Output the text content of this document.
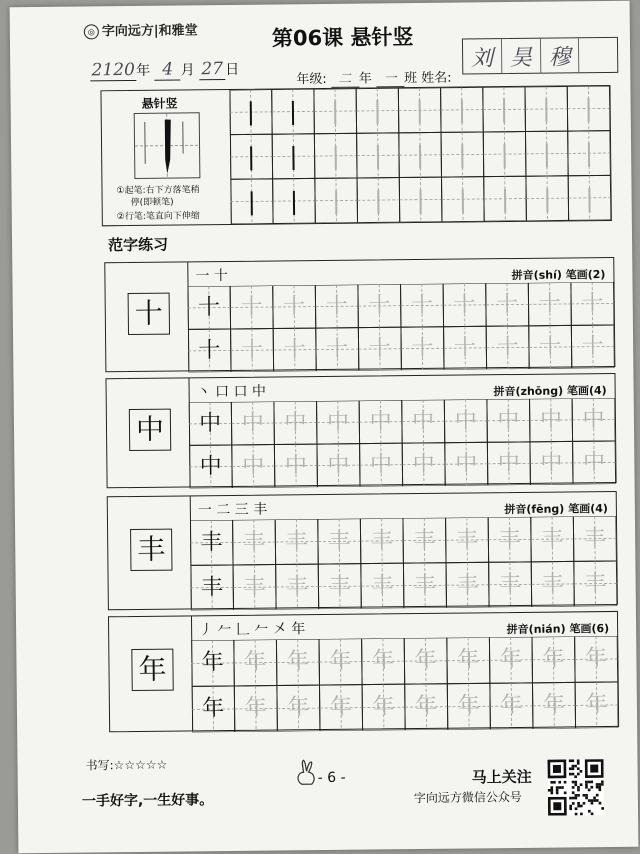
◎ 字向远方|和雅堂	第06课 悬针竖
2120年 4 月 27 日
年级: 二 年 一 班 姓名:
刘 昊 穆
悬针竖
①起笔:右下方落笔稍
停(即顿笔)
②行笔:笔直向下伸缩
|	|	|	|	|	|	|	|	|
|	|	|	|	|	|	|	|	|
|	|	|	|	|	|	|	|	|
范字练习
十
一 十	拼音(shí) 笔画(2)
十 十 十 十 十 十 十 十 十 十
十 十 十 十 十 十 十 十 十 十
中
丶 口 口 中	拼音(zhōng) 笔画(4)
中 中 中 中 中 中 中 中 中 中
中 中 中 中 中 中 中 中 中 中
丰
一 二 三 丰	拼音(fēng) 笔画(4)
丰 丰 丰 丰 丰 丰 丰 丰 丰 丰
丰 丰 丰 丰 丰 丰 丰 丰 丰 丰
年
丿 𠂉 𠃊 𠂉 㐅 年	拼音(nián) 笔画(6)
年 年 年 年 年 年 年 年 年 年
年 年 年 年 年 年 年 年 年 年
书写:☆☆☆☆☆
一手好字,一生好事。
- 6 -	马上关注
字向远方微信公众号
